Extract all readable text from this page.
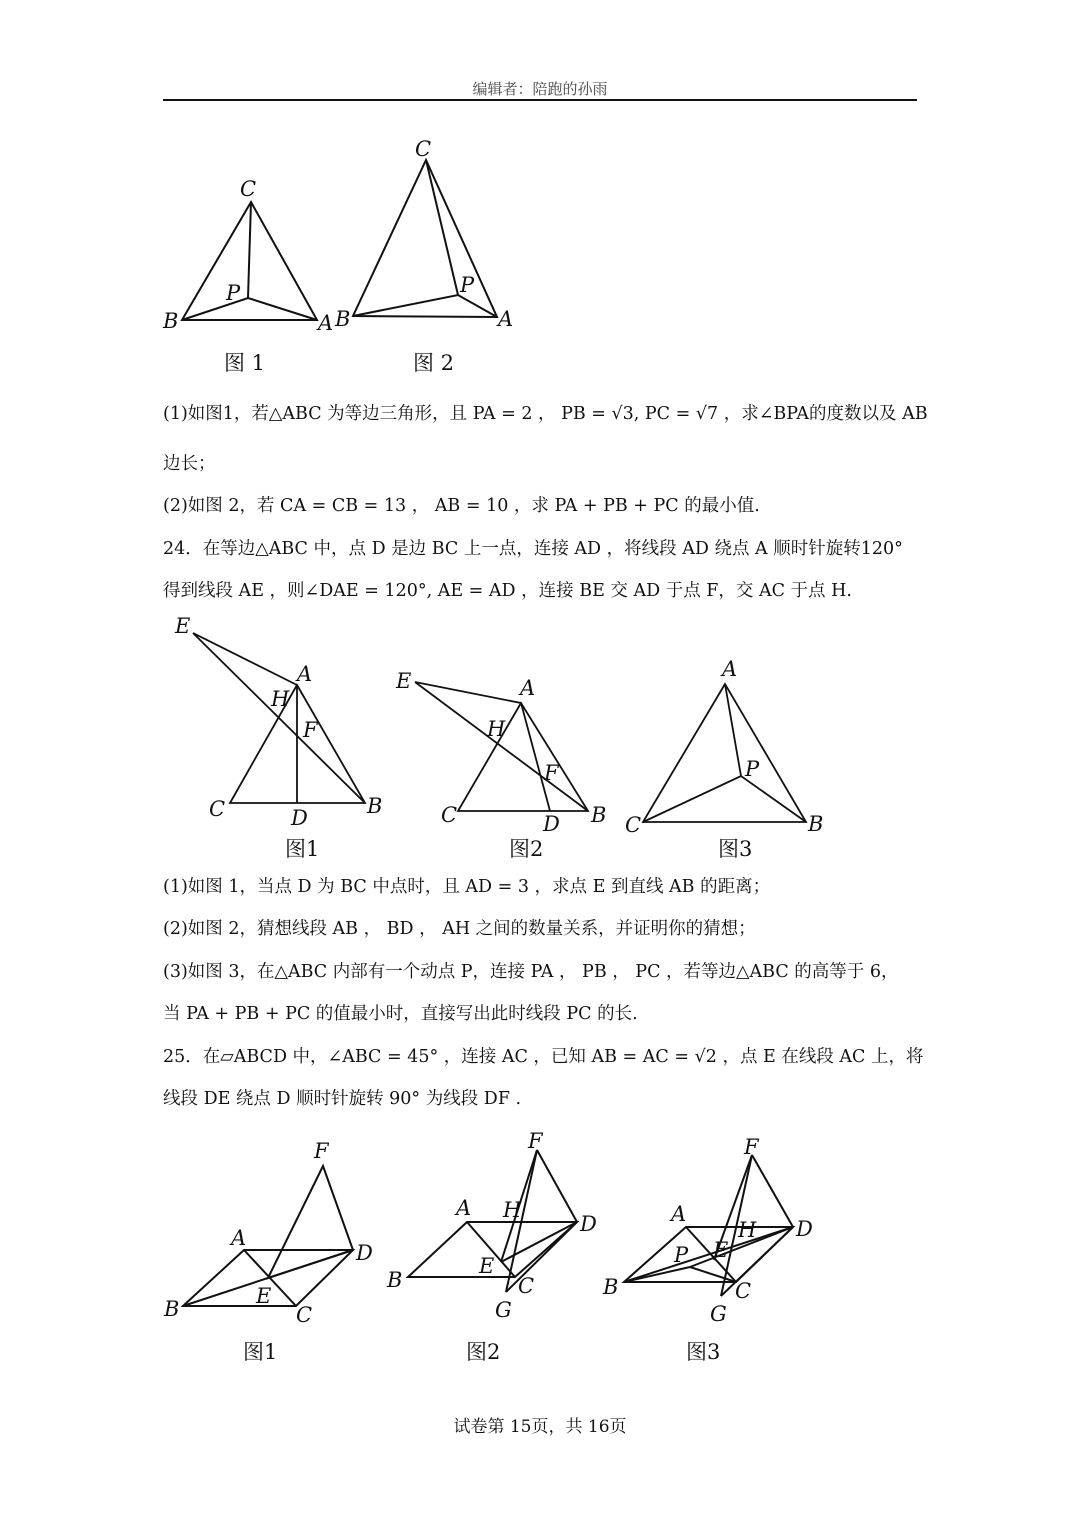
编辑者：陪跑的孙雨
C
P
B	A
图 1
C
P
B	A
图 2
(1)如图1，若△ABC 为等边三角形，且 PA = 2 ， PB = √3, PC = √7 ，求∠BPA的度数以及 AB
边长；
(2)如图 2，若 CA = CB = 13 ， AB = 10 ，求 PA + PB + PC 的最小值.
24．在等边△ABC 中，点 D 是边 BC 上一点，连接 AD ，将线段 AD 绕点 A 顺时针旋转120°
得到线段 AE ，则∠DAE = 120°, AE = AD ，连接 BE 交 AD 于点 F，交 AC 于点 H.
E
A
H
F
C	D	B
图1
E	A
H
F
C	D B
图2
A
P
C	B
图3
(1)如图 1，当点 D 为 BC 中点时，且 AD = 3 ，求点 E 到直线 AB 的距离；
(2)如图 2，猜想线段 AB ， BD ， AH 之间的数量关系，并证明你的猜想；
(3)如图 3，在△ABC 内部有一个动点 P，连接 PA ， PB ， PC ，若等边△ABC 的高等于 6，
当 PA + PB + PC 的值最小时，直接写出此时线段 PC 的长.
25．在▱ABCD 中，∠ABC = 45° ，连接 AC ，已知 AB = AC = √2 ，点 E 在线段 AC 上，将
线段 DE 绕点 D 顺时针旋转 90° 为线段 DF .
F
A
D
B
E
C
图1
F
A H
D
B
E
C
G
图2
F
A
H D
P E
B	C
G
图3
试卷第 15页，共 16页
